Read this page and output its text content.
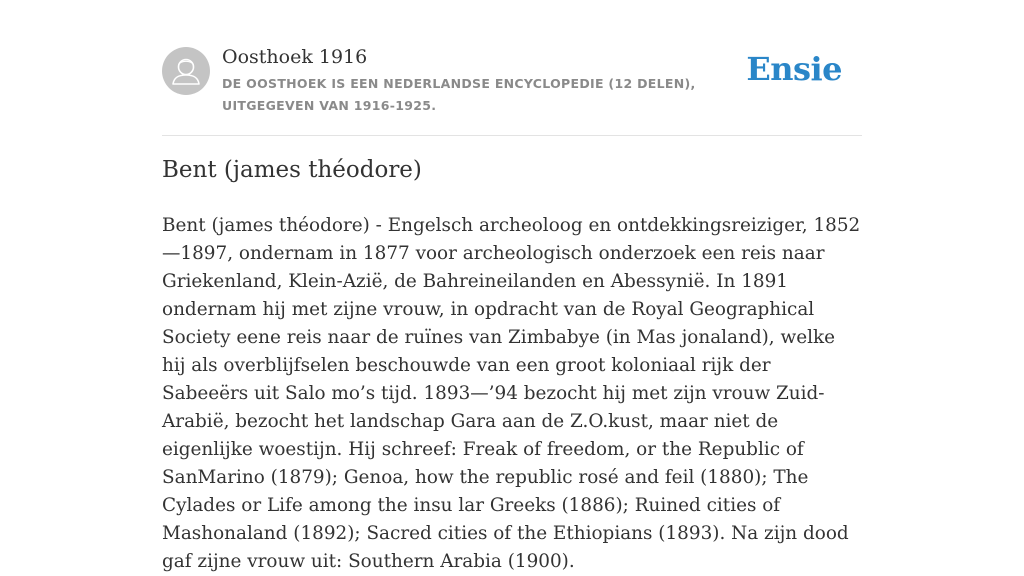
Oosthoek 1916
DE OOSTHOEK IS EEN NEDERLANDSE ENCYCLOPEDIE (12 DELEN), UITGEGEVEN VAN 1916-1925.
Ensie
Bent (james théodore)

Bent (james théodore) - Engelsch archeoloog en ontdekkingsreiziger, 1852—1897, ondernam in 1877 voor archeologisch onderzoek een reis naar Griekenland, Klein-Azië, de Bahreineilanden en Abessynië. In 1891 ondernam hij met zijne vrouw, in opdracht van de Royal Geographical Society eene reis naar de ruïnes van Zimbabye (in Mas jonaland), welke hij als overblijfselen beschouwde van een groot koloniaal rijk der Sabeeërs uit Salo mo’s tijd. 1893—’94 bezocht hij met zijn vrouw Zuid-Arabië, bezocht het landschap Gara aan de Z.O.kust, maar niet de eigenlijke woestijn. Hij schreef: Freak of freedom, or the Republic of SanMarino (1879); Genoa, how the republic rosé and feil (1880); The Cylades or Life among the insu lar Greeks (1886); Ruined cities of Mashonaland (1892); Sacred cities of the Ethiopians (1893). Na zijn dood gaf zijne vrouw uit: Southern Arabia (1900).
